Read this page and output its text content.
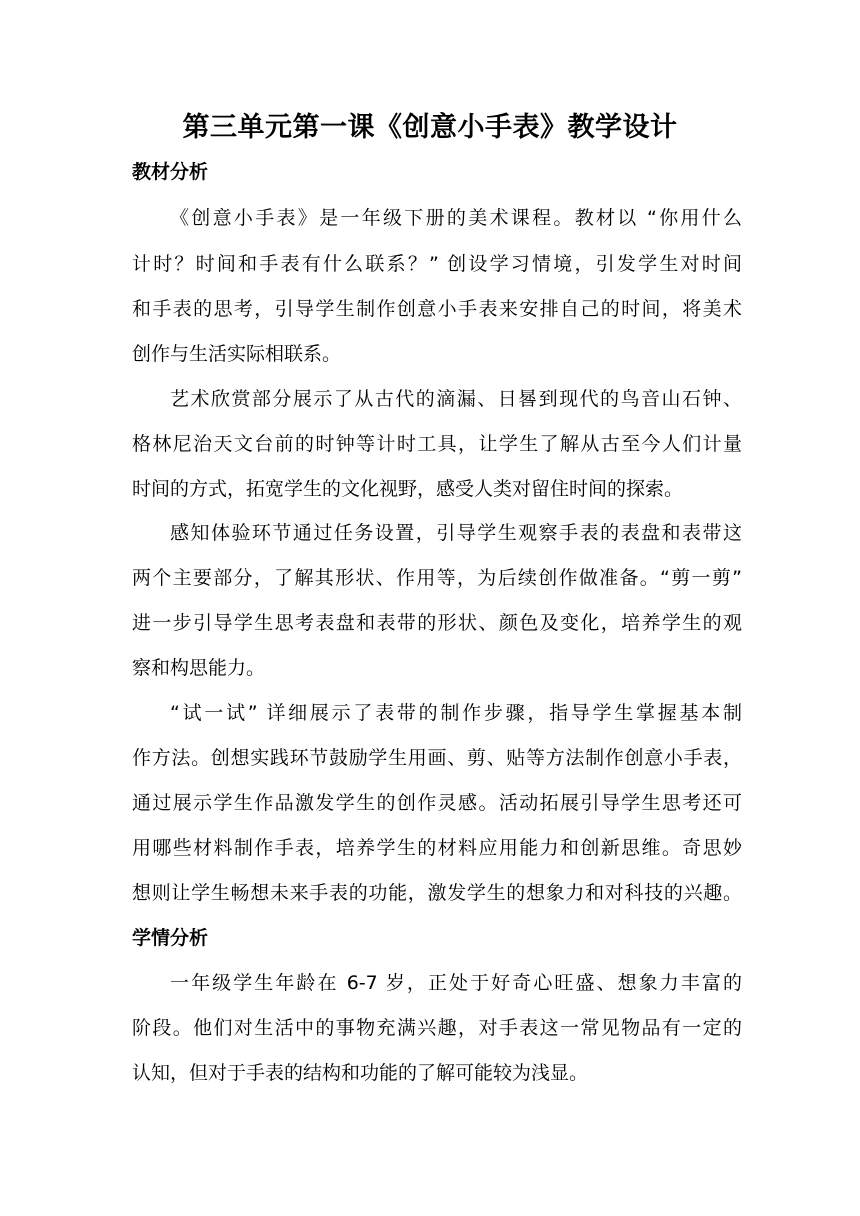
第三单元第一课《创意小手表》教学设计
教材分析
《创意小手表》是一年级下册的美术课程。教材以 “你用什么
计时？时间和手表有什么联系？” 创设学习情境，引发学生对时间
和手表的思考，引导学生制作创意小手表来安排自己的时间，将美术
创作与生活实际相联系。
艺术欣赏部分展示了从古代的滴漏、日晷到现代的鸟音山石钟、
格林尼治天文台前的时钟等计时工具，让学生了解从古至今人们计量
时间的方式，拓宽学生的文化视野，感受人类对留住时间的探索。
感知体验环节通过任务设置，引导学生观察手表的表盘和表带这
两个主要部分，了解其形状、作用等，为后续创作做准备。“剪一剪”
进一步引导学生思考表盘和表带的形状、颜色及变化，培养学生的观
察和构思能力。
“试一试” 详细展示了表带的制作步骤，指导学生掌握基本制
作方法。创想实践环节鼓励学生用画、剪、贴等方法制作创意小手表，
通过展示学生作品激发学生的创作灵感。活动拓展引导学生思考还可
用哪些材料制作手表，培养学生的材料应用能力和创新思维。奇思妙
想则让学生畅想未来手表的功能，激发学生的想象力和对科技的兴趣。
学情分析
一年级学生年龄在 6-7 岁，正处于好奇心旺盛、想象力丰富的
阶段。他们对生活中的事物充满兴趣，对手表这一常见物品有一定的
认知，但对于手表的结构和功能的了解可能较为浅显。
